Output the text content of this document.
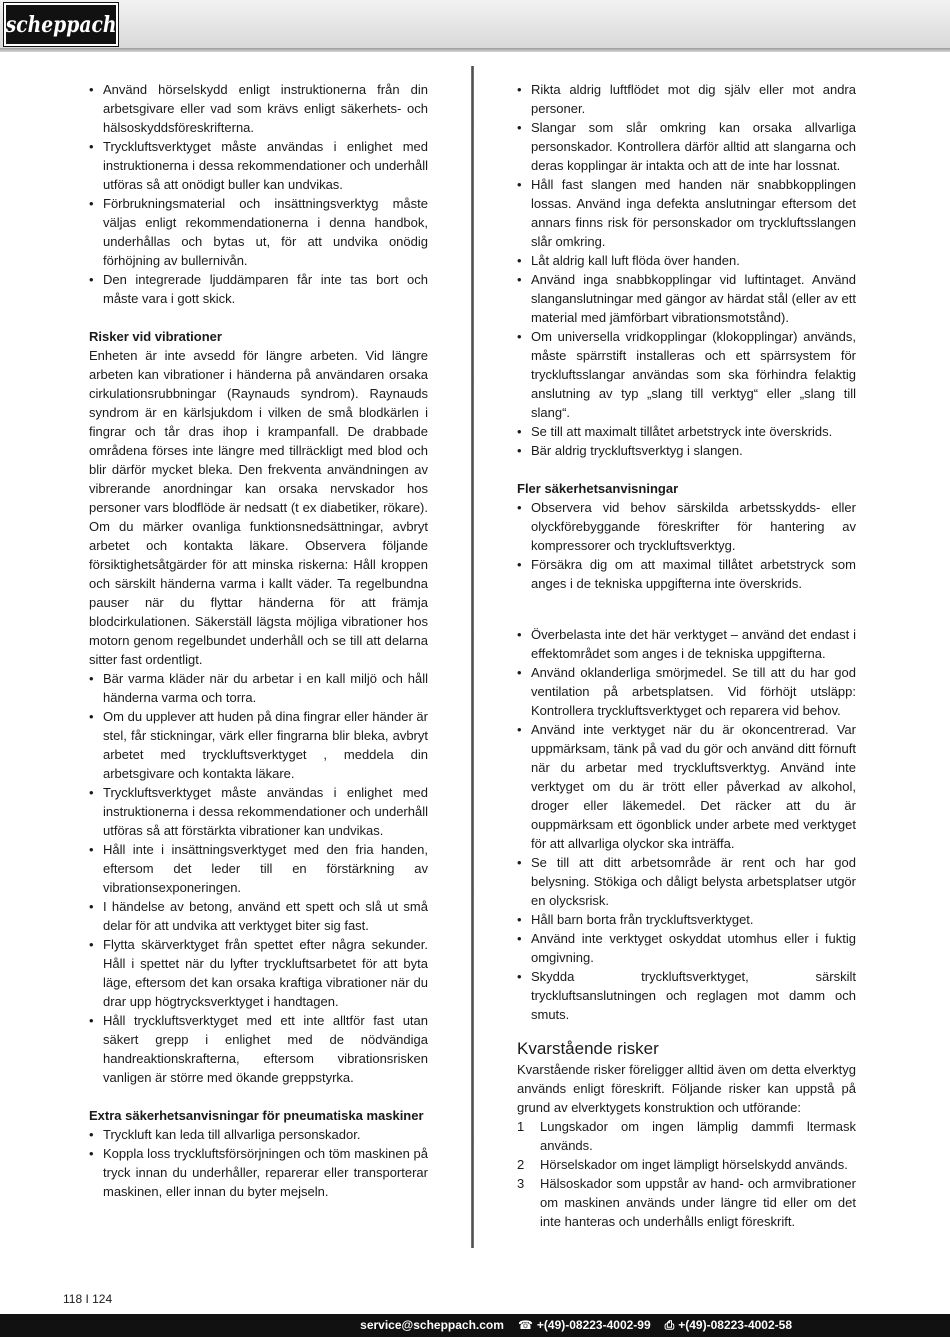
scheppach
• Använd hörselskydd enligt instruktionerna från din arbetsgivare eller vad som krävs enligt säkerhets- och hälsoskyddsföreskrifterna.
• Tryckluftsverktyget måste användas i enlighet med instruktionerna i dessa rekommendationer och underhåll utföras så att onödigt buller kan undvikas.
• Förbrukningsmaterial och insättningsverktyg måste väljas enligt rekommendationerna i denna handbok, underhållas och bytas ut, för att undvika onödig förhöjning av bullernivån.
• Den integrerade ljuddämparen får inte tas bort och måste vara i gott skick.
Risker vid vibrationer

Enheten är inte avsedd för längre arbeten. Vid längre arbeten kan vibrationer i händerna på användaren orsaka cirkulationsrubbningar (Raynauds syndrom). Raynauds syndrom är en kärlsjukdom i vilken de små blodkärlen i fingrar och tår dras ihop i krampanfall. De drabbade områdena förses inte längre med tillräckligt med blod och blir därför mycket bleka. Den frekventa användningen av vibrerande anordningar kan orsaka nervskador hos personer vars blodflöde är nedsatt (t ex diabetiker, rökare). Om du märker ovanliga funktionsnedsättningar, avbryt arbetet och kontakta läkare. Observera följande försiktighetsåtgärder för att minska riskerna: Håll kroppen och särskilt händerna varma i kallt väder. Ta regelbundna pauser när du flyttar händerna för att främja blodcirkulationen. Säkerställ lägsta möjliga vibrationer hos motorn genom regelbundet underhåll och se till att delarna sitter fast ordentligt.

• Bär varma kläder när du arbetar i en kall miljö och håll händerna varma och torra.
• Om du upplever att huden på dina fingrar eller händer är stel, får stickningar, värk eller fingrarna blir bleka, avbryt arbetet med tryckluftsverktyget , meddela din arbetsgivare och kontakta läkare.
• Tryckluftsverktyget måste användas i enlighet med instruktionerna i dessa rekommendationer och underhåll utföras så att förstärkta vibrationer kan undvikas.
• Håll inte i insättningsverktyget med den fria handen, eftersom det leder till en förstärkning av vibrationsexponeringen.
• I händelse av betong, använd ett spett och slå ut små delar för att undvika att verktyget biter sig fast.
• Flytta skärverktyget från spettet efter några sekunder. Håll i spettet när du lyfter tryckluftsarbetet för att byta läge, eftersom det kan orsaka kraftiga vibrationer när du drar upp högtrycksverktyget i handtagen.
• Håll tryckluftsverktyget med ett inte alltför fast utan säkert grepp i enlighet med de nödvändiga handreaktionskrafterna, eftersom vibrationsrisken vanligen är större med ökande greppstyrka.
Extra säkerhetsanvisningar för pneumatiska maskiner
• Tryckluft kan leda till allvarliga personskador.
• Koppla loss tryckluftsförsörjningen och töm maskinen på tryck innan du underhåller, reparerar eller transporterar maskinen, eller innan du byter mejseln.
• Rikta aldrig luftflödet mot dig själv eller mot andra personer.
• Slangar som slår omkring kan orsaka allvarliga personskador. Kontrollera därför alltid att slangarna och deras kopplingar är intakta och att de inte har lossnat.
• Håll fast slangen med handen när snabbkopplingen lossas. Använd inga defekta anslutningar eftersom det annars finns risk för personskador om tryckluftsslangen slår omkring.
• Låt aldrig kall luft flöda över handen.
• Använd inga snabbkopplingar vid luftintaget. Använd slanganslutningar med gängor av härdat stål (eller av ett material med jämförbart vibrationsmotstånd).
• Om universella vridkopplingar (klokopplingar) används, måste spärrstift installeras och ett spärrsystem för tryckluftsslangar användas som ska förhindra felaktig anslutning av typ „slang till verktyg“ eller „slang till slang“.
• Se till att maximalt tillåtet arbetstryck inte överskrids.
• Bär aldrig tryckluftsverktyg i slangen.
Fler säkerhetsanvisningar
• Observera vid behov särskilda arbetsskydds- eller olyckförebyggande föreskrifter för hantering av kompressorer och tryckluftsverktyg.
• Försäkra dig om att maximal tillåtet arbetstryck som anges i de tekniska uppgifterna inte överskrids.
• Överbelasta inte det här verktyget – använd det endast i effektområdet som anges i de tekniska uppgifterna.
• Använd oklanderliga smörjmedel. Se till att du har god ventilation på arbetsplatsen. Vid förhöjt utsläpp: Kontrollera tryckluftsverktyget och reparera vid behov.
• Använd inte verktyget när du är okoncentrerad. Var uppmärksam, tänk på vad du gör och använd ditt förnuft när du arbetar med tryckluftsverktyg. Använd inte verktyget om du är trött eller påverkad av alkohol, droger eller läkemedel. Det räcker att du är ouppmärksam ett ögonblick under arbete med verktyget för att allvarliga olyckor ska inträffa.
• Se till att ditt arbetsområde är rent och har god belysning. Stökiga och dåligt belysta arbetsplatser utgör en olycksrisk.
• Håll barn borta från tryckluftsverktyget.
• Använd inte verktyget oskyddat utomhus eller i fuktig omgivning.
• Skydda tryckluftsverktyget, särskilt tryckluftsanslutningen och reglagen mot damm och smuts.
Kvarstående risker

Kvarstående risker föreligger alltid även om detta elverktyg används enligt föreskrift. Följande risker kan uppstå på grund av elverktygets konstruktion och utförande:

1 Lungskador om ingen lämplig dammfi ltermask används.
2 Hörselskador om inget lämpligt hörselskydd används.
3 Hälsoskador som uppstår av hand- och armvibrationer om maskinen används under längre tid eller om det inte hanteras och underhålls enligt föreskrift.
118 I 124
service@scheppach.com ☎ +(49)-08223-4002-99 ⎙ +(49)-08223-4002-58
